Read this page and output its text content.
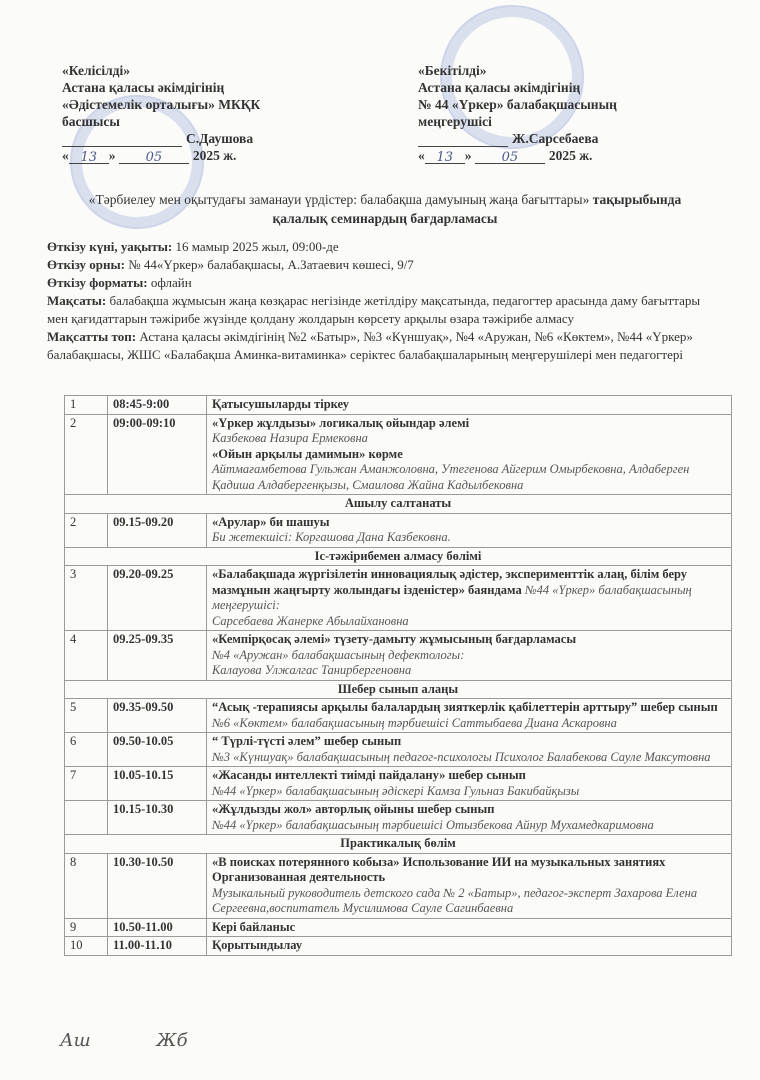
«Келісілді»
Астана қаласы әкімдігінің
«Әдістемелік орталығы» МКҚК
басшысы
С.Даушова
« 13 »	05	2025 ж.
«Бекітілді»
Астана қаласы әкімдігінің
№ 44 «Үркер» балабақшасының
меңгерушісі
Ж.Сарсебаева
« 13 »	05	2025 ж.
«Тәрбиелеу мен оқытудағы заманауи үрдістер: балабақша дамуының жаңа бағыттары» тақырыбында
қалалық семинардың бағдарламасы
Өткізу күні, уақыты: 16 мамыр 2025 жыл, 09:00-де
Өткізу орны: № 44«Үркер» балабақшасы, А.Затаевич көшесі, 9/7
Өткізу форматы: офлайн
Мақсаты: балабақша жұмысын жаңа көзқарас негізінде жетілдіру мақсатында, педагогтер арасында даму бағыттары мен қағидаттарын тәжірибе жүзінде қолдану жолдарын көрсету арқылы өзара тәжірибе алмасу
Мақсатты топ: Астана қаласы әкімдігінің №2 «Батыр», №3 «Күншуақ», №4 «Аружан, №6 «Көктем», №44 «Үркер» балабақшасы, ЖШС «Балабақша Аминка-витаминка» серіктес балабақшаларының меңгерушілері мен педагогтері
1	08:45-9:00	Қатысушыларды тіркеу

2	09:00-09:10	«Үркер жұлдызы» логикалық ойындар әлемі
Казбекова Назира Ермековна
«Ойын арқылы дамимын» көрме
Айтмағамбетова Гульжан Аманжоловна, Утегенова Айгерим Омырбековна, Алдаберген Қадиша Алдабергенқызы, Смаилова Жайна Кадылбековна

Ашылу салтанаты		
2	09.15-09.20	«Арулар» би шашуы
Би жетекшісі: Коргашова Дана Казбековна.

Іс-тәжірибемен алмасу бөлімі		
3	09.20-09.25	«Балабақшада жүргізілетін инновациялық әдістер, эксперименттік алаң, білім беру мазмұнын жаңғырту жолындағы ізденістер» баяндама №44 «Үркер» балабақшасының меңгерушісі:
Сарсебаева Жанерке Абылайхановна

4	09.25-09.35	«Кемпірқосақ әлемі» түзету-дамыту жұмысының бағдарламасы
№4 «Аружан» балабақшасының дефектологы:
Калауова Улжалгас Танирбергеновна

Шебер сынып алаңы		
5	09.35-09.50	“Асық -терапиясы арқылы балалардың зияткерлік қабілеттерін арттыру” шебер сынып
№6 «Көктем» балабақшасының тәрбиешісі Саттыбаева Диана Аскаровна

6	09.50-10.05	“ Түрлі-түсті әлем” шебер сынып
№3 «Күншуақ» балабақшасының педагог-психологы Психолог Балабекова Сауле Максутовна

7	10.05-10.15	«Жасанды интеллекті тиімді пайдалану» шебер сынып
№44 «Үркер» балабақшасының әдіскері Камза Гульназ Бакибайқызы

	10.15-10.30	«Жұлдызды жол» авторлық ойыны шебер сынып
№44 «Үркер» балабақшасының тәрбиешісі Отызбекова Айнур Мухамедкаримовна

Практикалық бөлім		
8	10.30-10.50	«В поисках потерянного кобыза» Использование ИИ на музыкальных занятиях Организованная деятельность
Музыкальный руководитель детского сада № 2 «Батыр», педагог-эксперт Захарова Елена Сергеевна,воспитатель Мусилимова Сауле Сагинбаевна

9	10.50-11.00	Кері байланыс

10	11.00-11.10	Қорытындылау
Аш	Жб
